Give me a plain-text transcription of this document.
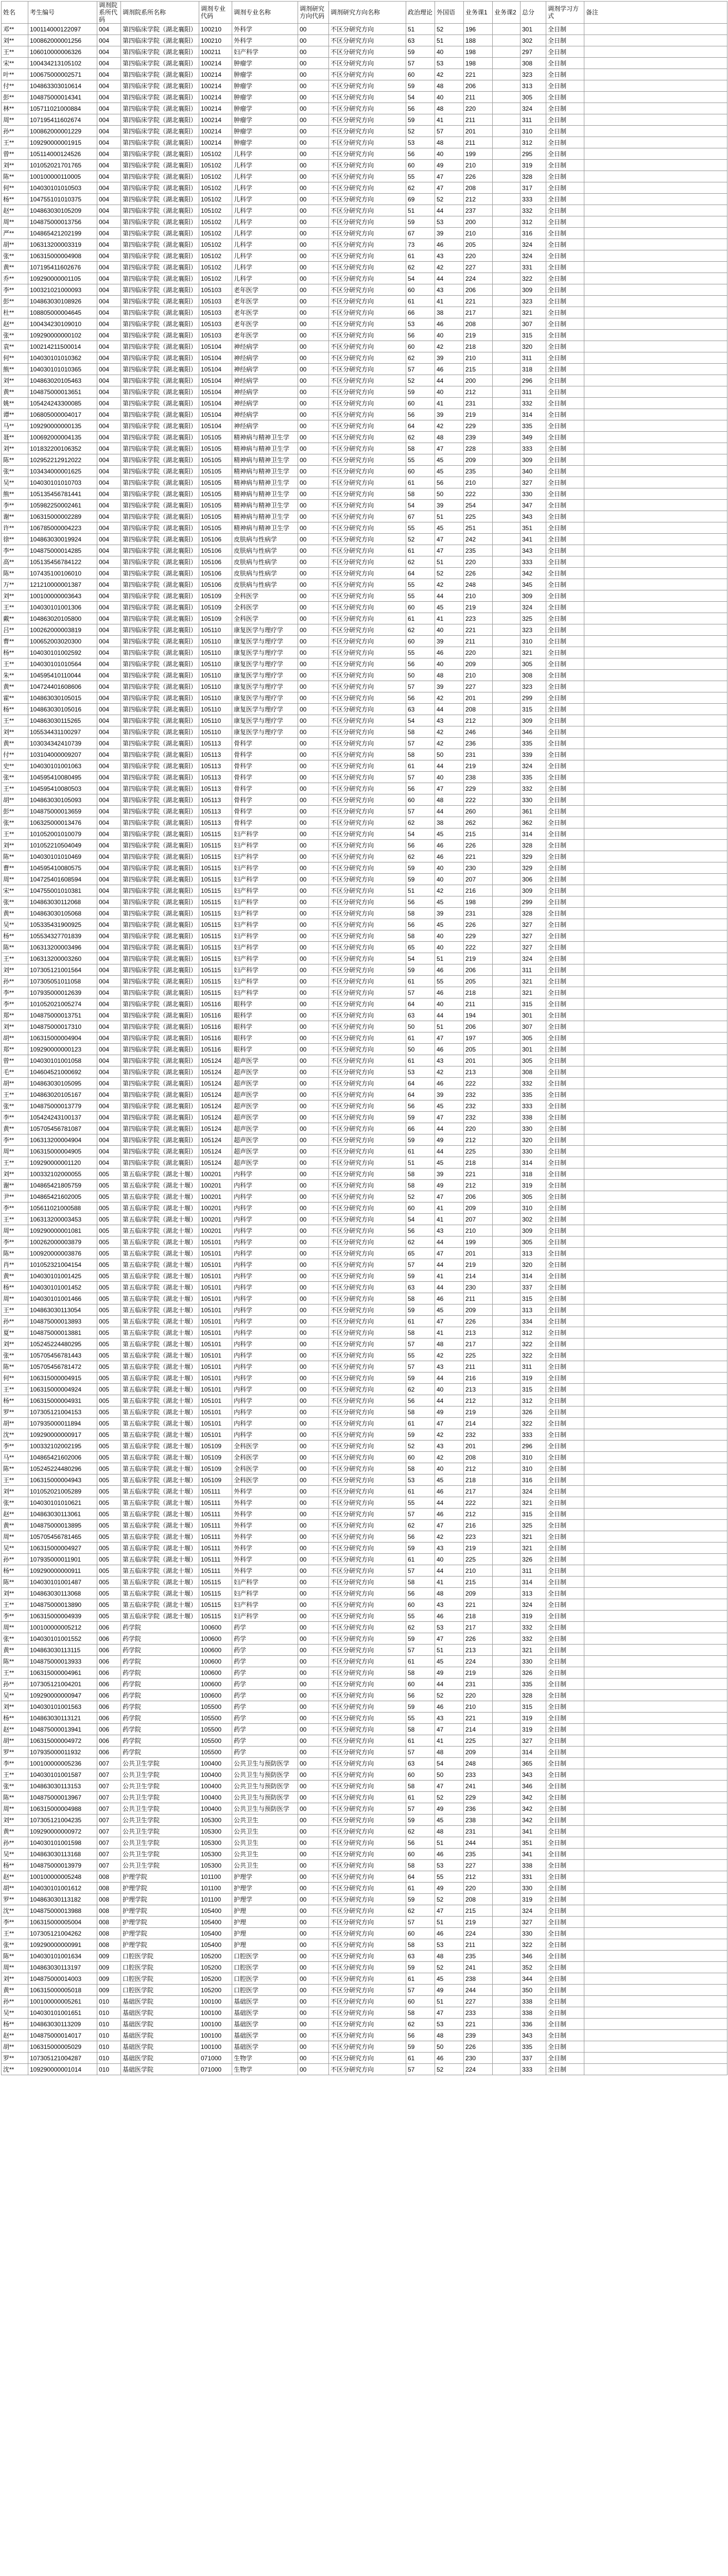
姓名	考生编号	调剂院系所代码	调剂院系所名称	调剂专业代码	调剂专业名称	调剂研究方向代码	调剂研究方向名称	政治理论	外国语	业务课1	业务课2	总分	调剂学习方式	备注
邓**	100114000122097	004	第四临床学院（湖北襄阳）	100210	外科学	00	不区分研究方向	51	52	196		301	全日制	
刘**	100862000001256	004	第四临床学院（湖北襄阳）	100210	外科学	00	不区分研究方向	63	51	188		302	全日制	
王**	106010000006326	004	第四临床学院（湖北襄阳）	100211	妇产科学	00	不区分研究方向	59	40	198		297	全日制	
宋**	100434213105102	004	第四临床学院（湖北襄阳）	100214	肿瘤学	00	不区分研究方向	57	53	198		308	全日制	
叶**	100675000002571	004	第四临床学院（湖北襄阳）	100214	肿瘤学	00	不区分研究方向	60	42	221		323	全日制	
付**	104863303010614	004	第四临床学院（湖北襄阳）	100214	肿瘤学	00	不区分研究方向	59	48	206		313	全日制	
彭**	104875000014341	004	第四临床学院（湖北襄阳）	100214	肿瘤学	00	不区分研究方向	54	40	211		305	全日制	
林**	105711021000884	004	第四临床学院（湖北襄阳）	100214	肿瘤学	00	不区分研究方向	56	48	220		324	全日制	
周**	107195411602674	004	第四临床学院（湖北襄阳）	100214	肿瘤学	00	不区分研究方向	59	41	211		311	全日制	
孙**	100862000001229	004	第四临床学院（湖北襄阳）	100214	肿瘤学	00	不区分研究方向	52	57	201		310	全日制	
王**	109290000001915	004	第四临床学院（湖北襄阳）	100214	肿瘤学	00	不区分研究方向	53	48	211		312	全日制	
曾**	105114000124526	004	第四临床学院（湖北襄阳）	105102	儿科学	00	不区分研究方向	56	40	199		295	全日制	
刘**	101052021701765	004	第四临床学院（湖北襄阳）	105102	儿科学	00	不区分研究方向	60	49	210		319	全日制	
陈**	100100000110005	004	第四临床学院（湖北襄阳）	105102	儿科学	00	不区分研究方向	55	47	226		328	全日制	
何**	104030101010503	004	第四临床学院（湖北襄阳）	105102	儿科学	00	不区分研究方向	62	47	208		317	全日制	
杨**	104755101010375	004	第四临床学院（湖北襄阳）	105102	儿科学	00	不区分研究方向	69	52	212		333	全日制	
赵**	104863030105209	004	第四临床学院（湖北襄阳）	105102	儿科学	00	不区分研究方向	51	44	237		332	全日制	
周**	104875000013756	004	第四临床学院（湖北襄阳）	105102	儿科学	00	不区分研究方向	59	53	200		312	全日制	
严**	104865421202199	004	第四临床学院（湖北襄阳）	105102	儿科学	00	不区分研究方向	67	39	210		316	全日制	
胡**	106313200003319	004	第四临床学院（湖北襄阳）	105102	儿科学	00	不区分研究方向	73	46	205		324	全日制	
张**	106315000004908	004	第四临床学院（湖北襄阳）	105102	儿科学	00	不区分研究方向	61	43	220		324	全日制	
黄**	107195411602676	004	第四临床学院（湖北襄阳）	105102	儿科学	00	不区分研究方向	62	42	227		331	全日制	
乔**	109290000001105	004	第四临床学院（湖北襄阳）	105102	儿科学	00	不区分研究方向	54	44	224		322	全日制	
李**	100321021000093	004	第四临床学院（湖北襄阳）	105103	老年医学	00	不区分研究方向	60	43	206		309	全日制	
彭**	104863030108926	004	第四临床学院（湖北襄阳）	105103	老年医学	00	不区分研究方向	61	41	221		323	全日制	
杜**	108805000004645	004	第四临床学院（湖北襄阳）	105103	老年医学	00	不区分研究方向	66	38	217		321	全日制	
赵**	100434230109010	004	第四临床学院（湖北襄阳）	105103	老年医学	00	不区分研究方向	53	46	208		307	全日制	
张**	109290000000102	004	第四临床学院（湖北襄阳）	105103	老年医学	00	不区分研究方向	56	40	219		315	全日制	
袁**	100214211500014	004	第四临床学院（湖北襄阳）	105104	神经病学	00	不区分研究方向	60	42	218		320	全日制	
何**	104030101010362	004	第四临床学院（湖北襄阳）	105104	神经病学	00	不区分研究方向	62	39	210		311	全日制	
熊**	104030101010365	004	第四临床学院（湖北襄阳）	105104	神经病学	00	不区分研究方向	57	46	215		318	全日制	
刘**	104863020105463	004	第四临床学院（湖北襄阳）	105104	神经病学	00	不区分研究方向	52	44	200		296	全日制	
黄**	104875000013651	004	第四临床学院（湖北襄阳）	105104	神经病学	00	不区分研究方向	59	40	212		311	全日制	
姚**	105424243300085	004	第四临床学院（湖北襄阳）	105104	神经病学	00	不区分研究方向	60	41	231		332	全日制	
谭**	106805000004017	004	第四临床学院（湖北襄阳）	105104	神经病学	00	不区分研究方向	56	39	219		314	全日制	
马**	109290000000135	004	第四临床学院（湖北襄阳）	105104	神经病学	00	不区分研究方向	64	42	229		335	全日制	
聂**	100692000004135	004	第四临床学院（湖北襄阳）	105105	精神病与精神卫生学	00	不区分研究方向	62	48	239		349	全日制	
刘**	101832200106352	004	第四临床学院（湖北襄阳）	105105	精神病与精神卫生学	00	不区分研究方向	58	47	228		333	全日制	
陈**	102952212912022	004	第四临床学院（湖北襄阳）	105105	精神病与精神卫生学	00	不区分研究方向	55	45	209		309	全日制	
张**	103434000001625	004	第四临床学院（湖北襄阳）	105105	精神病与精神卫生学	00	不区分研究方向	60	45	235		340	全日制	
吴**	104030101010703	004	第四临床学院（湖北襄阳）	105105	精神病与精神卫生学	00	不区分研究方向	61	56	210		327	全日制	
熊**	105135456781441	004	第四临床学院（湖北襄阳）	105105	精神病与精神卫生学	00	不区分研究方向	58	50	222		330	全日制	
李**	105982250002461	004	第四临床学院（湖北襄阳）	105105	精神病与精神卫生学	00	不区分研究方向	54	39	254		347	全日制	
谢**	106315000002289	004	第四临床学院（湖北襄阳）	105105	精神病与精神卫生学	00	不区分研究方向	67	51	225		343	全日制	
许**	106785000004223	004	第四临床学院（湖北襄阳）	105105	精神病与精神卫生学	00	不区分研究方向	55	45	251		351	全日制	
徐**	104863030019924	004	第四临床学院（湖北襄阳）	105106	皮肤病与性病学	00	不区分研究方向	52	47	242		341	全日制	
李**	104875000014285	004	第四临床学院（湖北襄阳）	105106	皮肤病与性病学	00	不区分研究方向	61	47	235		343	全日制	
高**	105135456784122	004	第四临床学院（湖北襄阳）	105106	皮肤病与性病学	00	不区分研究方向	62	51	220		333	全日制	
陈**	107435100106010	004	第四临床学院（湖北襄阳）	105106	皮肤病与性病学	00	不区分研究方向	64	52	226		342	全日制	
万**	121210000001387	004	第四临床学院（湖北襄阳）	105106	皮肤病与性病学	00	不区分研究方向	55	42	248		345	全日制	
刘**	100100000003643	004	第四临床学院（湖北襄阳）	105109	全科医学	00	不区分研究方向	55	44	210		309	全日制	
王**	104030101001306	004	第四临床学院（湖北襄阳）	105109	全科医学	00	不区分研究方向	60	45	219		324	全日制	
戴**	104863020105800	004	第四临床学院（湖北襄阳）	105109	全科医学	00	不区分研究方向	61	41	223		325	全日制	
吕**	100262000003819	004	第四临床学院（湖北襄阳）	105110	康复医学与理疗学	00	不区分研究方向	62	40	221		323	全日制	
曹**	100652003020300	004	第四临床学院（湖北襄阳）	105110	康复医学与理疗学	00	不区分研究方向	60	39	211		310	全日制	
杨**	104030101002592	004	第四临床学院（湖北襄阳）	105110	康复医学与理疗学	00	不区分研究方向	55	46	220		321	全日制	
王**	104030101010564	004	第四临床学院（湖北襄阳）	105110	康复医学与理疗学	00	不区分研究方向	56	40	209		305	全日制	
朱**	104595410110044	004	第四临床学院（湖北襄阳）	105110	康复医学与理疗学	00	不区分研究方向	50	48	210		308	全日制	
黄**	104724401608606	004	第四临床学院（湖北襄阳）	105110	康复医学与理疗学	00	不区分研究方向	57	39	227		323	全日制	
霍**	104863030105015	004	第四临床学院（湖北襄阳）	105110	康复医学与理疗学	00	不区分研究方向	56	42	201		299	全日制	
杨**	104863030105016	004	第四临床学院（湖北襄阳）	105110	康复医学与理疗学	00	不区分研究方向	63	44	208		315	全日制	
王**	104863030115265	004	第四临床学院（湖北襄阳）	105110	康复医学与理疗学	00	不区分研究方向	54	43	212		309	全日制	
刘**	105534431100297	004	第四临床学院（湖北襄阳）	105110	康复医学与理疗学	00	不区分研究方向	58	42	246		346	全日制	
黄**	103034342410739	004	第四临床学院（湖北襄阳）	105113	骨科学	00	不区分研究方向	57	42	236		335	全日制	
付**	103104000009207	004	第四临床学院（湖北襄阳）	105113	骨科学	00	不区分研究方向	58	50	231		339	全日制	
史**	104030101001063	004	第四临床学院（湖北襄阳）	105113	骨科学	00	不区分研究方向	61	44	219		324	全日制	
张**	104595410080495	004	第四临床学院（湖北襄阳）	105113	骨科学	00	不区分研究方向	57	40	238		335	全日制	
王**	104595410080503	004	第四临床学院（湖北襄阳）	105113	骨科学	00	不区分研究方向	56	47	229		332	全日制	
胡**	104863030105093	004	第四临床学院（湖北襄阳）	105113	骨科学	00	不区分研究方向	60	48	222		330	全日制	
彭**	104875000013659	004	第四临床学院（湖北襄阳）	105113	骨科学	00	不区分研究方向	57	44	260		361	全日制	
张**	106325000013476	004	第四临床学院（湖北襄阳）	105113	骨科学	00	不区分研究方向	62	38	262		362	全日制	
王**	101052001010079	004	第四临床学院（湖北襄阳）	105115	妇产科学	00	不区分研究方向	54	45	215		314	全日制	
刘**	101052210504049	004	第四临床学院（湖北襄阳）	105115	妇产科学	00	不区分研究方向	56	46	226		328	全日制	
陈**	104030101010469	004	第四临床学院（湖北襄阳）	105115	妇产科学	00	不区分研究方向	62	46	221		329	全日制	
曹**	104595410080575	004	第四临床学院（湖北襄阳）	105115	妇产科学	00	不区分研究方向	59	40	230		329	全日制	
周**	104725401608594	004	第四临床学院（湖北襄阳）	105115	妇产科学	00	不区分研究方向	59	40	207		306	全日制	
宋**	104755001010381	004	第四临床学院（湖北襄阳）	105115	妇产科学	00	不区分研究方向	51	42	216		309	全日制	
张**	104863030112068	004	第四临床学院（湖北襄阳）	105115	妇产科学	00	不区分研究方向	56	45	198		299	全日制	
黄**	104863030105068	004	第四临床学院（湖北襄阳）	105115	妇产科学	00	不区分研究方向	58	39	231		328	全日制	
吴**	105335431900925	004	第四临床学院（湖北襄阳）	105115	妇产科学	00	不区分研究方向	56	45	226		327	全日制	
杨**	105534327701839	004	第四临床学院（湖北襄阳）	105115	妇产科学	00	不区分研究方向	58	40	229		327	全日制	
陈**	106313200003496	004	第四临床学院（湖北襄阳）	105115	妇产科学	00	不区分研究方向	65	40	222		327	全日制	
王**	106313200003260	004	第四临床学院（湖北襄阳）	105115	妇产科学	00	不区分研究方向	54	51	219		324	全日制	
刘**	107305121001564	004	第四临床学院（湖北襄阳）	105115	妇产科学	00	不区分研究方向	59	46	206		311	全日制	
孙**	107305051011058	004	第四临床学院（湖北襄阳）	105115	妇产科学	00	不区分研究方向	61	55	205		321	全日制	
李**	107935000012639	004	第四临床学院（湖北襄阳）	105115	妇产科学	00	不区分研究方向	57	46	218		321	全日制	
李**	101052021005274	004	第四临床学院（湖北襄阳）	105116	眼科学	00	不区分研究方向	64	40	211		315	全日制	
郑**	104875000013751	004	第四临床学院（湖北襄阳）	105116	眼科学	00	不区分研究方向	63	44	194		301	全日制	
刘**	104875000017310	004	第四临床学院（湖北襄阳）	105116	眼科学	00	不区分研究方向	50	51	206		307	全日制	
胡**	106315000004904	004	第四临床学院（湖北襄阳）	105116	眼科学	00	不区分研究方向	61	47	197		305	全日制	
郑**	109290000000123	004	第四临床学院（湖北襄阳）	105116	眼科学	00	不区分研究方向	50	46	205		301	全日制	
曾**	104030101001058	004	第四临床学院（湖北襄阳）	105124	超声医学	00	不区分研究方向	61	43	201		305	全日制	
毛**	104604521000692	004	第四临床学院（湖北襄阳）	105124	超声医学	00	不区分研究方向	53	42	213		308	全日制	
胡**	104863030105095	004	第四临床学院（湖北襄阳）	105124	超声医学	00	不区分研究方向	64	46	222		332	全日制	
王**	104863020105167	004	第四临床学院（湖北襄阳）	105124	超声医学	00	不区分研究方向	64	39	232		335	全日制	
张**	104875000013779	004	第四临床学院（湖北襄阳）	105124	超声医学	00	不区分研究方向	56	45	232		333	全日制	
李**	105424243100137	004	第四临床学院（湖北襄阳）	105124	超声医学	00	不区分研究方向	59	47	232		338	全日制	
黄**	105705456781087	004	第四临床学院（湖北襄阳）	105124	超声医学	00	不区分研究方向	66	44	220		330	全日制	
李**	106313200004904	004	第四临床学院（湖北襄阳）	105124	超声医学	00	不区分研究方向	59	49	212		320	全日制	
周**	106315000004905	004	第四临床学院（湖北襄阳）	105124	超声医学	00	不区分研究方向	61	44	225		330	全日制	
王**	109290000001120	004	第四临床学院（湖北襄阳）	105124	超声医学	00	不区分研究方向	51	45	218		314	全日制	
刘**	100332102000055	005	第五临床学院（湖北十堰）	100201	内科学	00	不区分研究方向	58	39	221		318	全日制	
谢**	104865421805759	005	第五临床学院（湖北十堰）	100201	内科学	00	不区分研究方向	58	49	212		319	全日制	
尹**	104865421602005	005	第五临床学院（湖北十堰）	100201	内科学	00	不区分研究方向	52	47	206		305	全日制	
李**	105611021000588	005	第五临床学院（湖北十堰）	100201	内科学	00	不区分研究方向	60	41	209		310	全日制	
王**	106313200003453	005	第五临床学院（湖北十堰）	100201	内科学	00	不区分研究方向	54	41	207		302	全日制	
周**	109290000001081	005	第五临床学院（湖北十堰）	100201	内科学	00	不区分研究方向	56	43	210		309	全日制	
李**	100262000003879	005	第五临床学院（湖北十堰）	105101	内科学	00	不区分研究方向	62	44	199		305	全日制	
陈**	100920000003876	005	第五临床学院（湖北十堰）	105101	内科学	00	不区分研究方向	65	47	201		313	全日制	
肖**	101052321004154	005	第五临床学院（湖北十堰）	105101	内科学	00	不区分研究方向	57	44	219		320	全日制	
黄**	104030101001425	005	第五临床学院（湖北十堰）	105101	内科学	00	不区分研究方向	59	41	214		314	全日制	
杨**	104030101001452	005	第五临床学院（湖北十堰）	105101	内科学	00	不区分研究方向	63	44	230		337	全日制	
周**	104030101001466	005	第五临床学院（湖北十堰）	105101	内科学	00	不区分研究方向	58	46	211		315	全日制	
王**	104863030113054	005	第五临床学院（湖北十堰）	105101	内科学	00	不区分研究方向	59	45	209		313	全日制	
孙**	104875000013893	005	第五临床学院（湖北十堰）	105101	内科学	00	不区分研究方向	61	47	226		334	全日制	
夏**	104875000013881	005	第五临床学院（湖北十堰）	105101	内科学	00	不区分研究方向	58	41	213		312	全日制	
刘**	105245224480295	005	第五临床学院（湖北十堰）	105101	内科学	00	不区分研究方向	57	48	217		322	全日制	
张**	105705456781443	005	第五临床学院（湖北十堰）	105101	内科学	00	不区分研究方向	55	42	225		322	全日制	
陈**	105705456781472	005	第五临床学院（湖北十堰）	105101	内科学	00	不区分研究方向	57	43	211		311	全日制	
何**	106315000004915	005	第五临床学院（湖北十堰）	105101	内科学	00	不区分研究方向	59	44	216		319	全日制	
王**	106315000004924	005	第五临床学院（湖北十堰）	105101	内科学	00	不区分研究方向	62	40	213		315	全日制	
杨**	106315000004931	005	第五临床学院（湖北十堰）	105101	内科学	00	不区分研究方向	56	44	212		312	全日制	
罗**	107305121004153	005	第五临床学院（湖北十堰）	105101	内科学	00	不区分研究方向	58	49	219		326	全日制	
胡**	107935000011894	005	第五临床学院（湖北十堰）	105101	内科学	00	不区分研究方向	61	47	214		322	全日制	
沈**	109290000000917	005	第五临床学院（湖北十堰）	105101	内科学	00	不区分研究方向	59	42	232		333	全日制	
李**	100332102002195	005	第五临床学院（湖北十堰）	105109	全科医学	00	不区分研究方向	52	43	201		296	全日制	
马**	104865421602006	005	第五临床学院（湖北十堰）	105109	全科医学	00	不区分研究方向	60	42	208		310	全日制	
陈**	105245224480296	005	第五临床学院（湖北十堰）	105109	全科医学	00	不区分研究方向	58	40	212		310	全日制	
王**	106315000004943	005	第五临床学院（湖北十堰）	105109	全科医学	00	不区分研究方向	53	45	218		316	全日制	
刘**	101052021005289	005	第五临床学院（湖北十堰）	105111	外科学	00	不区分研究方向	61	46	217		324	全日制	
张**	104030101010621	005	第五临床学院（湖北十堰）	105111	外科学	00	不区分研究方向	55	44	222		321	全日制	
赵**	104863030113061	005	第五临床学院（湖北十堰）	105111	外科学	00	不区分研究方向	57	46	212		315	全日制	
黄**	104875000013895	005	第五临床学院（湖北十堰）	105111	外科学	00	不区分研究方向	62	47	216		325	全日制	
周**	105705456781465	005	第五临床学院（湖北十堰）	105111	外科学	00	不区分研究方向	56	42	223		321	全日制	
吴**	106315000004927	005	第五临床学院（湖北十堰）	105111	外科学	00	不区分研究方向	59	43	219		321	全日制	
孙**	107935000011901	005	第五临床学院（湖北十堰）	105111	外科学	00	不区分研究方向	61	40	225		326	全日制	
杨**	109290000000911	005	第五临床学院（湖北十堰）	105111	外科学	00	不区分研究方向	57	44	210		311	全日制	
陈**	104030101001487	005	第五临床学院（湖北十堰）	105115	妇产科学	00	不区分研究方向	58	41	215		314	全日制	
刘**	104863030113068	005	第五临床学院（湖北十堰）	105115	妇产科学	00	不区分研究方向	56	48	209		313	全日制	
王**	104875000013890	005	第五临床学院（湖北十堰）	105115	妇产科学	00	不区分研究方向	60	43	221		324	全日制	
李**	106315000004939	005	第五临床学院（湖北十堰）	105115	妇产科学	00	不区分研究方向	55	46	218		319	全日制	
周**	100100000005212	006	药学院	100600	药学	00	不区分研究方向	62	53	217		332	全日制	
张**	104030101001552	006	药学院	100600	药学	00	不区分研究方向	59	47	226		332	全日制	
黄**	104863030113115	006	药学院	100600	药学	00	不区分研究方向	57	51	213		321	全日制	
陈**	104875000013933	006	药学院	100600	药学	00	不区分研究方向	61	45	224		330	全日制	
王**	106315000004961	006	药学院	100600	药学	00	不区分研究方向	58	49	219		326	全日制	
孙**	107305121004201	006	药学院	100600	药学	00	不区分研究方向	60	44	231		335	全日制	
吴**	109290000000947	006	药学院	100600	药学	00	不区分研究方向	56	52	220		328	全日制	
刘**	104030101001563	006	药学院	105500	药学	00	不区分研究方向	59	46	210		315	全日制	
杨**	104863030113121	006	药学院	105500	药学	00	不区分研究方向	55	43	221		319	全日制	
赵**	104875000013941	006	药学院	105500	药学	00	不区分研究方向	58	47	214		319	全日制	
胡**	106315000004972	006	药学院	105500	药学	00	不区分研究方向	61	41	225		327	全日制	
罗**	107935000011932	006	药学院	105500	药学	00	不区分研究方向	57	48	209		314	全日制	
李**	100100000005236	007	公共卫生学院	100400	公共卫生与预防医学	00	不区分研究方向	63	54	248		365	全日制	
王**	104030101001587	007	公共卫生学院	100400	公共卫生与预防医学	00	不区分研究方向	60	50	233		343	全日制	
张**	104863030113153	007	公共卫生学院	100400	公共卫生与预防医学	00	不区分研究方向	58	47	241		346	全日制	
陈**	104875000013967	007	公共卫生学院	100400	公共卫生与预防医学	00	不区分研究方向	61	52	229		342	全日制	
周**	106315000004988	007	公共卫生学院	100400	公共卫生与预防医学	00	不区分研究方向	57	49	236		342	全日制	
刘**	107305121004235	007	公共卫生学院	105300	公共卫生	00	不区分研究方向	59	45	238		342	全日制	
黄**	109290000000972	007	公共卫生学院	105300	公共卫生	00	不区分研究方向	62	48	231		341	全日制	
孙**	104030101001598	007	公共卫生学院	105300	公共卫生	00	不区分研究方向	56	51	244		351	全日制	
吴**	104863030113168	007	公共卫生学院	105300	公共卫生	00	不区分研究方向	60	46	235		341	全日制	
杨**	104875000013979	007	公共卫生学院	105300	公共卫生	00	不区分研究方向	58	53	227		338	全日制	
赵**	100100000005248	008	护理学院	101100	护理学	00	不区分研究方向	64	55	212		331	全日制	
胡**	104030101001612	008	护理学院	101100	护理学	00	不区分研究方向	61	49	220		330	全日制	
罗**	104863030113182	008	护理学院	101100	护理学	00	不区分研究方向	59	52	208		319	全日制	
沈**	104875000013988	008	护理学院	105400	护理	00	不区分研究方向	62	47	215		324	全日制	
李**	106315000005004	008	护理学院	105400	护理	00	不区分研究方向	57	51	219		327	全日制	
王**	107305121004262	008	护理学院	105400	护理	00	不区分研究方向	60	46	224		330	全日制	
张**	109290000000991	008	护理学院	105400	护理	00	不区分研究方向	58	53	211		322	全日制	
陈**	104030101001634	009	口腔医学院	105200	口腔医学	00	不区分研究方向	63	48	235		346	全日制	
周**	104863030113197	009	口腔医学院	105200	口腔医学	00	不区分研究方向	59	52	241		352	全日制	
刘**	104875000014003	009	口腔医学院	105200	口腔医学	00	不区分研究方向	61	45	238		344	全日制	
黄**	106315000005018	009	口腔医学院	105200	口腔医学	00	不区分研究方向	57	49	244		350	全日制	
孙**	100100000005261	010	基础医学院	100100	基础医学	00	不区分研究方向	60	51	227		338	全日制	
吴**	104030101001651	010	基础医学院	100100	基础医学	00	不区分研究方向	58	47	233		338	全日制	
杨**	104863030113209	010	基础医学院	100100	基础医学	00	不区分研究方向	62	53	221		336	全日制	
赵**	104875000014017	010	基础医学院	100100	基础医学	00	不区分研究方向	56	48	239		343	全日制	
胡**	106315000005029	010	基础医学院	100100	基础医学	00	不区分研究方向	59	50	226		335	全日制	
罗**	107305121004287	010	基础医学院	071000	生物学	00	不区分研究方向	61	46	230		337	全日制	
沈**	109290000001014	010	基础医学院	071000	生物学	00	不区分研究方向	57	52	224		333	全日制	
